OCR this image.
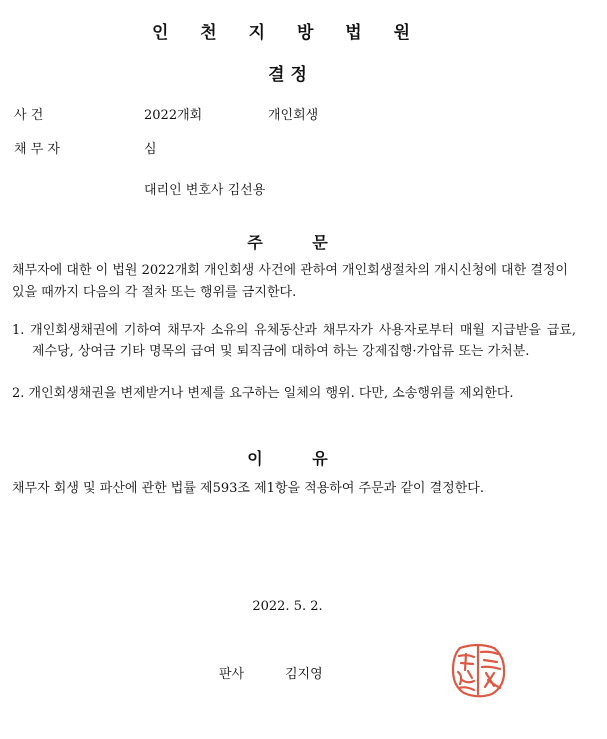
인 천 지 방 법 원
결 정
사 건	2022개회	개인회생
채 무 자	심
대리인 변호사 김선용
주 문
채무자에 대한 이 법원 2022개회 개인회생 사건에 관하여 개인회생절차의 개시신청에 대한 결정이 있을 때까지 다음의 각 절차 또는 행위를 금지한다.
1. 개인회생채권에 기하여 채무자 소유의 유체동산과 채무자가 사용자로부터 매월 지급받을 급료, 제수당, 상여금 기타 명목의 급여 및 퇴직금에 대하여 하는 강제집행·가압류 또는 가처분.
2. 개인회생채권을 변제받거나 변제를 요구하는 일체의 행위. 다만, 소송행위를 제외한다.
이 유
채무자 회생 및 파산에 관한 법률 제593조 제1항을 적용하여 주문과 같이 결정한다.
2022. 5. 2.
판사	김지영
